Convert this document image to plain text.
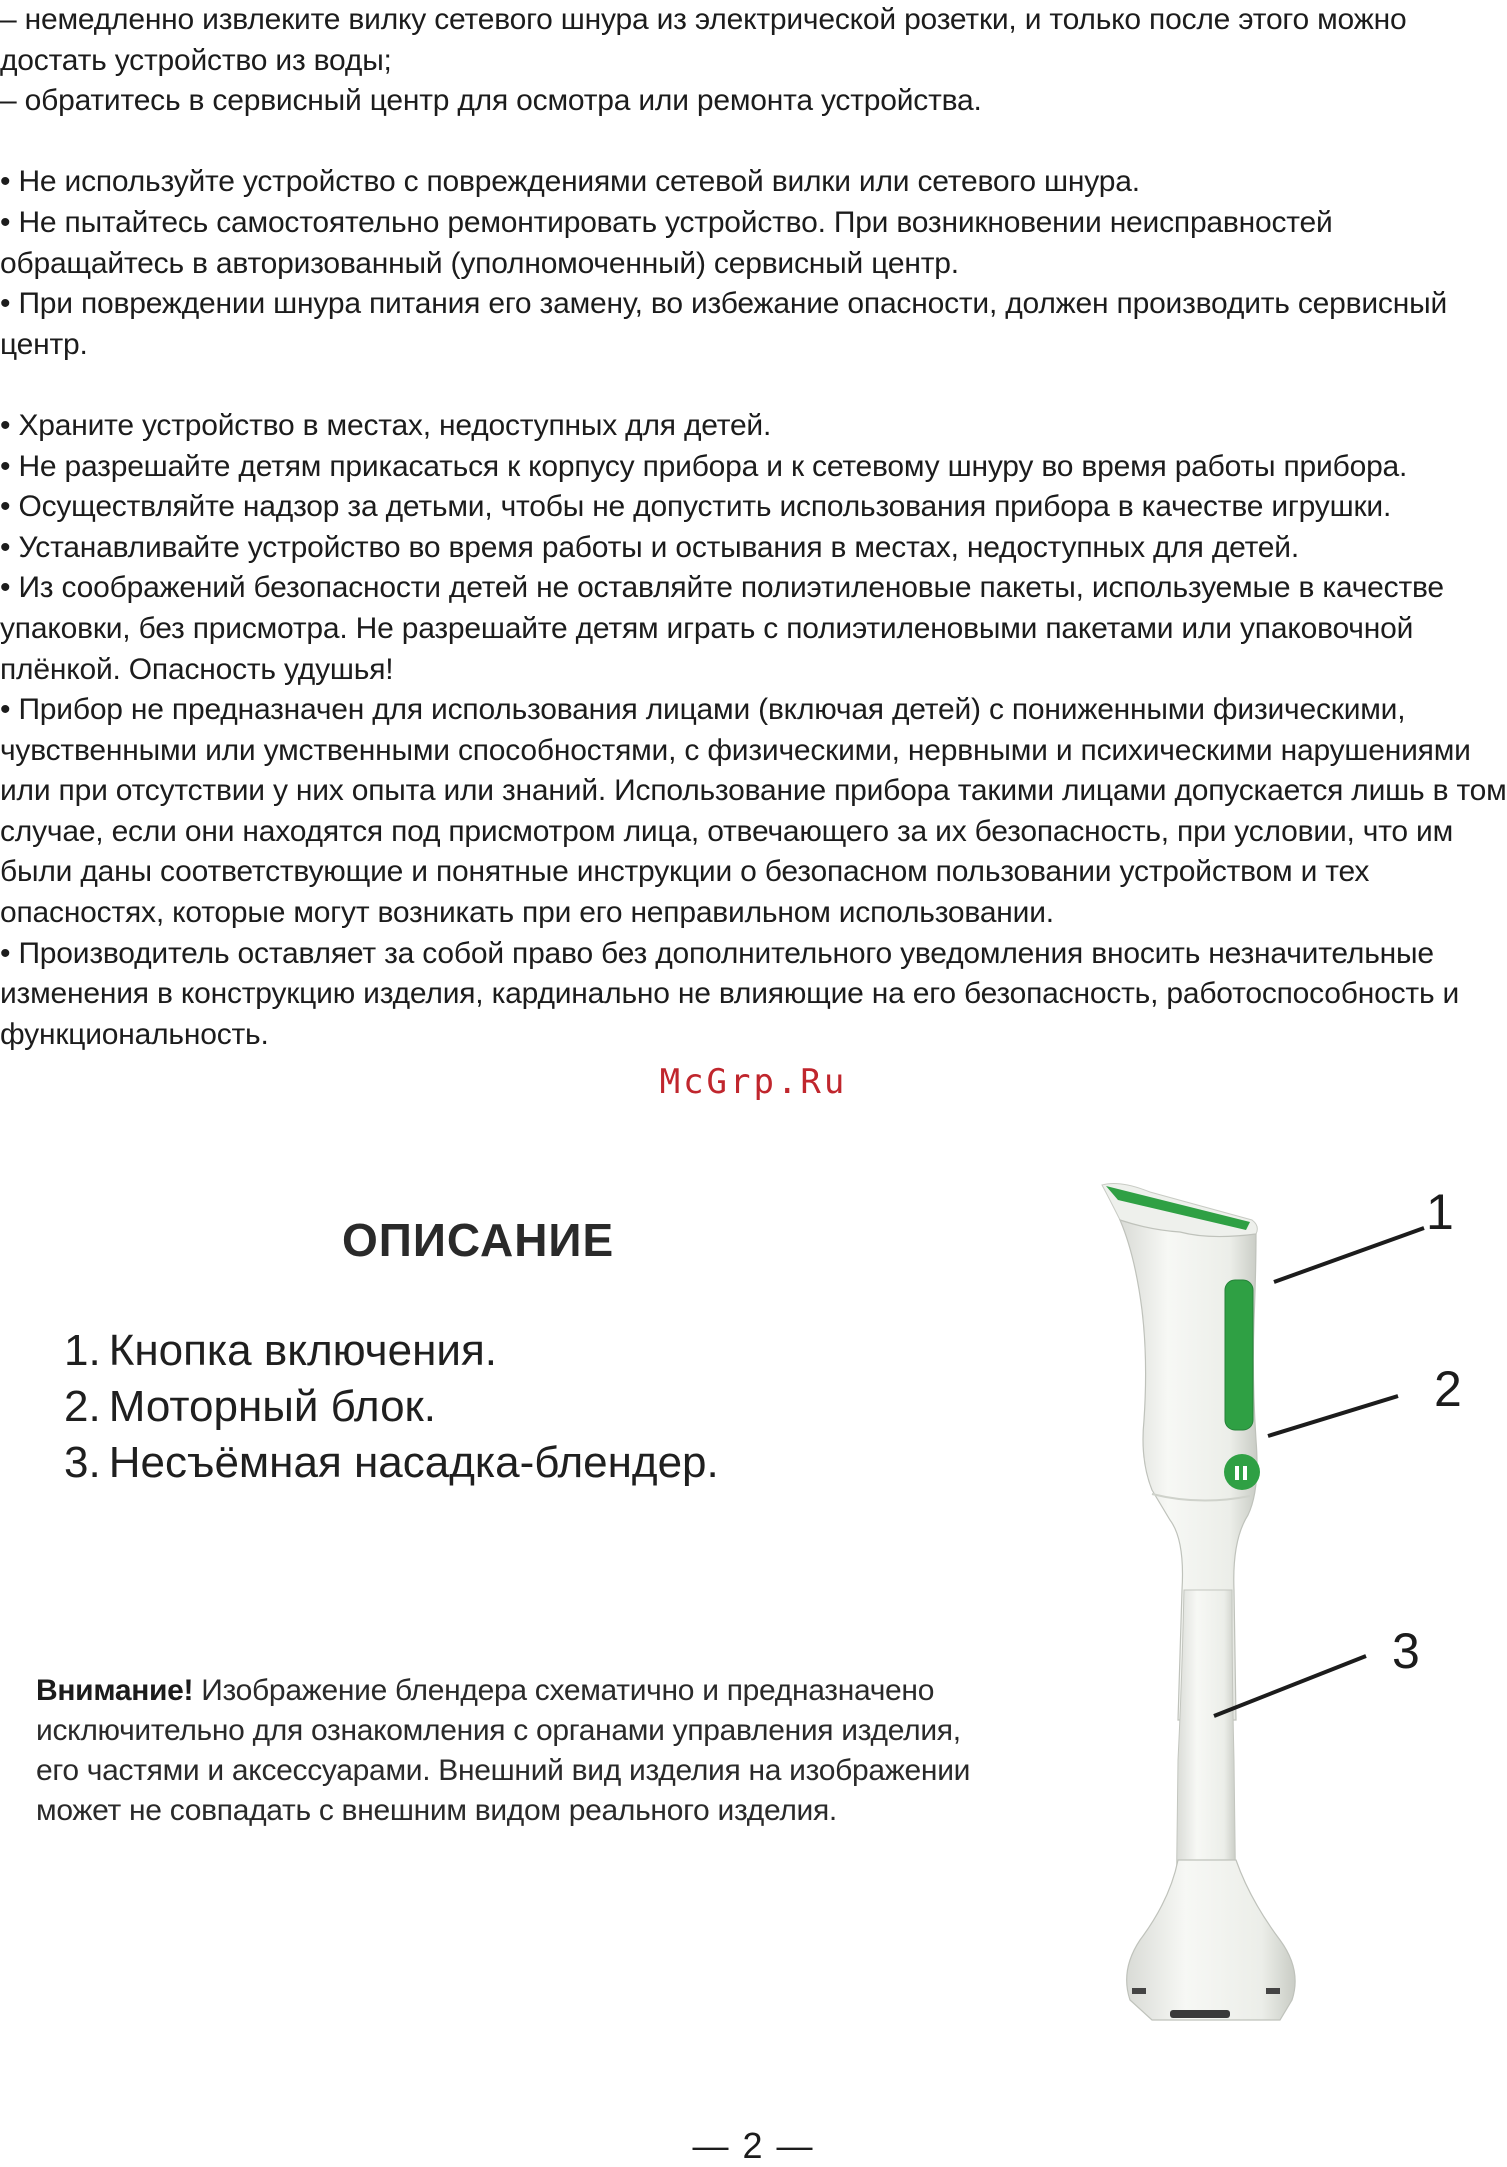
– немедленно извлеките вилку сетевого шнура из электрической розетки, и только после этого можно
достать устройство из воды;
– обратитесь в сервисный центр для осмотра или ремонта устройства.
• Не используйте устройство с повреждениями сетевой вилки или сетевого шнура.
• Не пытайтесь самостоятельно ремонтировать устройство. При возникновении неисправностей
обращайтесь в авторизованный (уполномоченный) сервисный центр.
• При повреждении шнура питания его замену, во избежание опасности, должен производить сервисный
центр.
• Храните устройство в местах, недоступных для детей.
• Не разрешайте детям прикасаться к корпусу прибора и к сетевому шнуру во время работы прибора.
• Осуществляйте надзор за детьми, чтобы не допустить использования прибора в качестве игрушки.
• Устанавливайте устройство во время работы и остывания в местах, недоступных для детей.
• Из соображений безопасности детей не оставляйте полиэтиленовые пакеты, используемые в качестве
упаковки, без присмотра. Не разрешайте детям играть с полиэтиленовыми пакетами или упаковочной
плёнкой. Опасность удушья!
• Прибор не предназначен для использования лицами (включая детей) с пониженными физическими,
чувственными или умственными способностями, с физическими, нервными и психическими нарушениями
или при отсутствии у них опыта или знаний. Использование прибора такими лицами допускается лишь в том
случае, если они находятся под присмотром лица, отвечающего за их безопасность, при условии, что им
были даны соответствующие и понятные инструкции о безопасном пользовании устройством и тех
опасностях, которые могут возникать при его неправильном использовании.
• Производитель оставляет за собой право без дополнительного уведомления вносить незначительные
изменения в конструкцию изделия, кардинально не влияющие на его безопасность, работоспособность и
функциональность.
McGrp.Ru
ОПИСАНИЕ
1. Кнопка включения.
2. Моторный блок.
3. Несъёмная насадка-блендер.
Внимание! Изображение блендера схематично и предназначено
исключительно для ознакомления с органами управления изделия,
его частями и аксессуарами. Внешний вид изделия на изображении
может не совпадать с внешним видом реального изделия.
1
2
3
— 2 —
